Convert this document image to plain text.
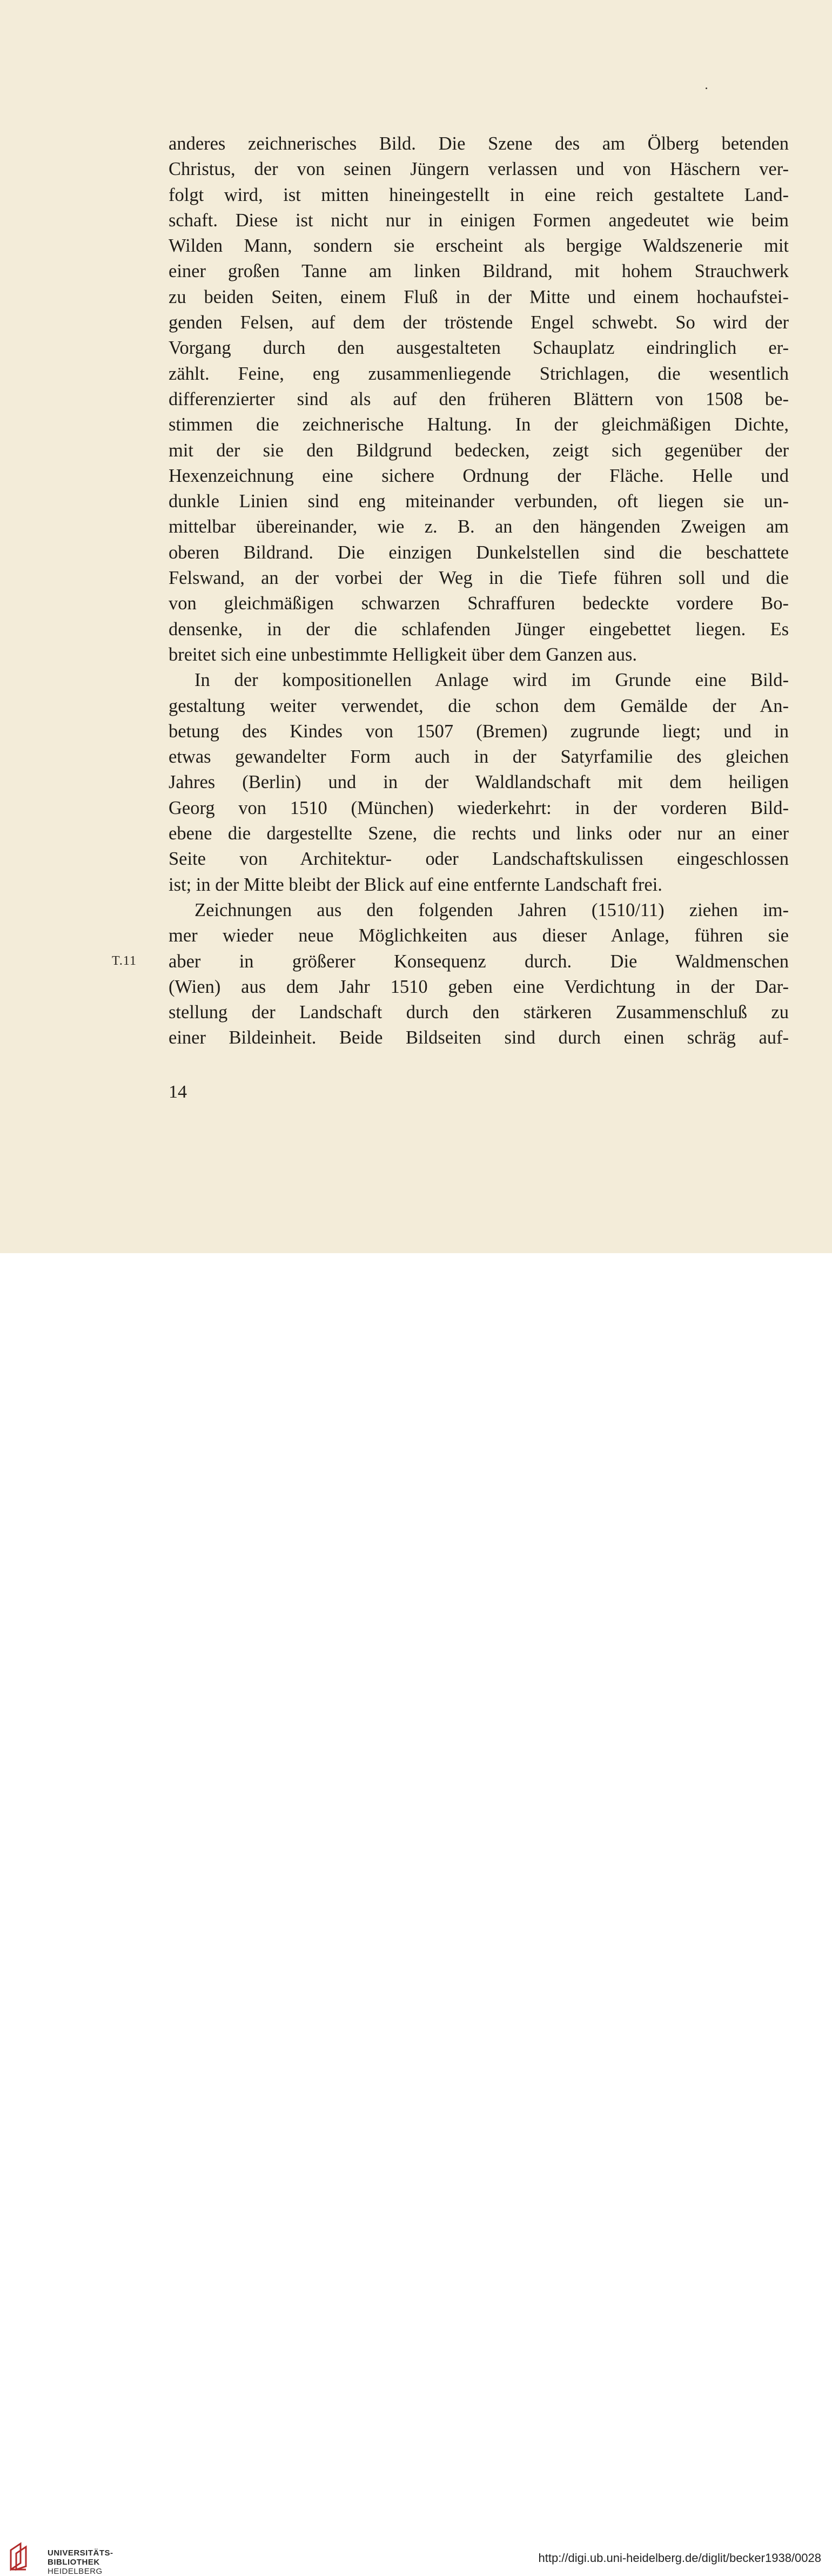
anderes zeichnerisches Bild. Die Szene des am Ölberg betenden
Christus, der von seinen Jüngern verlassen und von Häschern ver-
folgt wird, ist mitten hineingestellt in eine reich gestaltete Land-
schaft. Diese ist nicht nur in einigen Formen angedeutet wie beim
Wilden Mann, sondern sie erscheint als bergige Waldszenerie mit
einer großen Tanne am linken Bildrand, mit hohem Strauchwerk
zu beiden Seiten, einem Fluß in der Mitte und einem hochaufstei-
genden Felsen, auf dem der tröstende Engel schwebt. So wird der
Vorgang durch den ausgestalteten Schauplatz eindringlich er-
zählt. Feine, eng zusammenliegende Strichlagen, die wesentlich
differenzierter sind als auf den früheren Blättern von 1508 be-
stimmen die zeichnerische Haltung. In der gleichmäßigen Dichte,
mit der sie den Bildgrund bedecken, zeigt sich gegenüber der
Hexenzeichnung eine sichere Ordnung der Fläche. Helle und
dunkle Linien sind eng miteinander verbunden, oft liegen sie un-
mittelbar übereinander, wie z. B. an den hängenden Zweigen am
oberen Bildrand. Die einzigen Dunkelstellen sind die beschattete
Felswand, an der vorbei der Weg in die Tiefe führen soll und die
von gleichmäßigen schwarzen Schraffuren bedeckte vordere Bo-
densenke, in der die schlafenden Jünger eingebettet liegen. Es
breitet sich eine unbestimmte Helligkeit über dem Ganzen aus.
In der kompositionellen Anlage wird im Grunde eine Bild-
gestaltung weiter verwendet, die schon dem Gemälde der An-
betung des Kindes von 1507 (Bremen) zugrunde liegt; und in
etwas gewandelter Form auch in der Satyrfamilie des gleichen
Jahres (Berlin) und in der Waldlandschaft mit dem heiligen
Georg von 1510 (München) wiederkehrt: in der vorderen Bild-
ebene die dargestellte Szene, die rechts und links oder nur an einer
Seite von Architektur- oder Landschaftskulissen eingeschlossen
ist; in der Mitte bleibt der Blick auf eine entfernte Landschaft frei.
Zeichnungen aus den folgenden Jahren (1510/11) ziehen im-
mer wieder neue Möglichkeiten aus dieser Anlage, führen sie
aber in größerer Konsequenz durch. Die Waldmenschen
(Wien) aus dem Jahr 1510 geben eine Verdichtung in der Dar-
stellung der Landschaft durch den stärkeren Zusammenschluß zu
einer Bildeinheit. Beide Bildseiten sind durch einen schräg auf-
T.11
14
UNIVERSITÄTS-
BIBLIOTHEK
HEIDELBERG
http://digi.ub.uni-heidelberg.de/diglit/becker1938/0028
